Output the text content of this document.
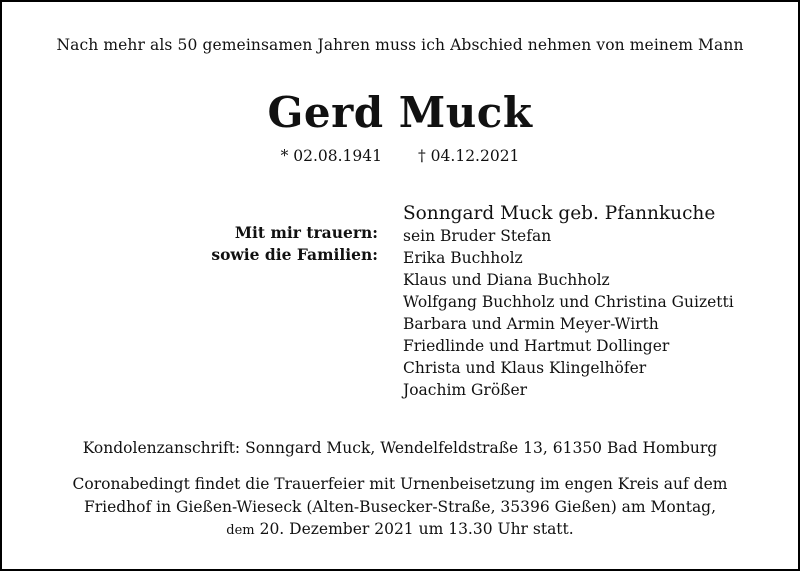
Nach mehr als 50 gemeinsamen Jahren muss ich Abschied nehmen von meinem Mann
Gerd Muck
* 02.08.1941 † 04.12.2021
Mit mir trauern:
sowie die Familien:
Sonngard Muck geb. Pfannkuche
sein Bruder Stefan
Erika Buchholz
Klaus und Diana Buchholz
Wolfgang Buchholz und Christina Guizetti
Barbara und Armin Meyer-Wirth
Friedlinde und Hartmut Dollinger
Christa und Klaus Klingelhöfer
Joachim Größer
Kondolenzanschrift: Sonngard Muck, Wendelfeldstraße 13, 61350 Bad Homburg
Coronabedingt findet die Trauerfeier mit Urnenbeisetzung im engen Kreis auf dem
Friedhof in Gießen-Wieseck (Alten-Busecker-Straße, 35396 Gießen) am Montag,
dem 20. Dezember 2021 um 13.30 Uhr statt.
